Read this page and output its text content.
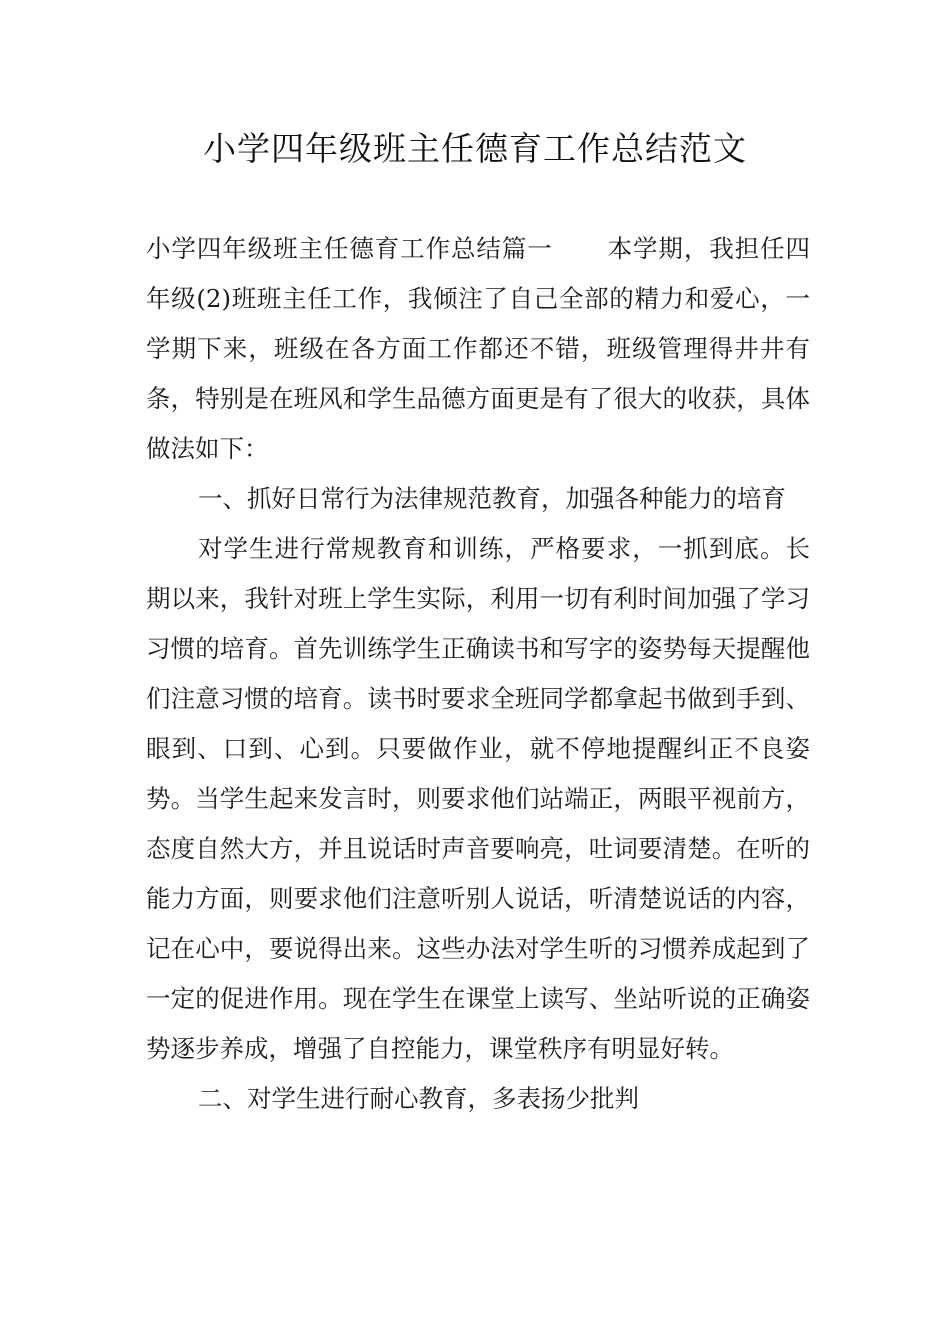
小学四年级班主任德育工作总结范文

小学四年级班主任德育工作总结篇一 本学期，我担任四年级(2)班班主任工作，我倾注了自己全部的精力和爱心，一学期下来，班级在各方面工作都还不错，班级管理得井井有条，特别是在班风和学生品德方面更是有了很大的收获，具体做法如下：

一、抓好日常行为法律规范教育，加强各种能力的培育

对学生进行常规教育和训练，严格要求，一抓到底。长期以来，我针对班上学生实际，利用一切有利时间加强了学习习惯的培育。首先训练学生正确读书和写字的姿势每天提醒他们注意习惯的培育。读书时要求全班同学都拿起书做到手到、眼到、口到、心到。只要做作业，就不停地提醒纠正不良姿势。当学生起来发言时，则要求他们站端正，两眼平视前方，态度自然大方，并且说话时声音要响亮，吐词要清楚。在听的能力方面，则要求他们注意听别人说话，听清楚说话的内容，记在心中，要说得出来。这些办法对学生听的习惯养成起到了一定的促进作用。现在学生在课堂上读写、坐站听说的正确姿势逐步养成，增强了自控能力，课堂秩序有明显好转。

二、对学生进行耐心教育，多表扬少批判
